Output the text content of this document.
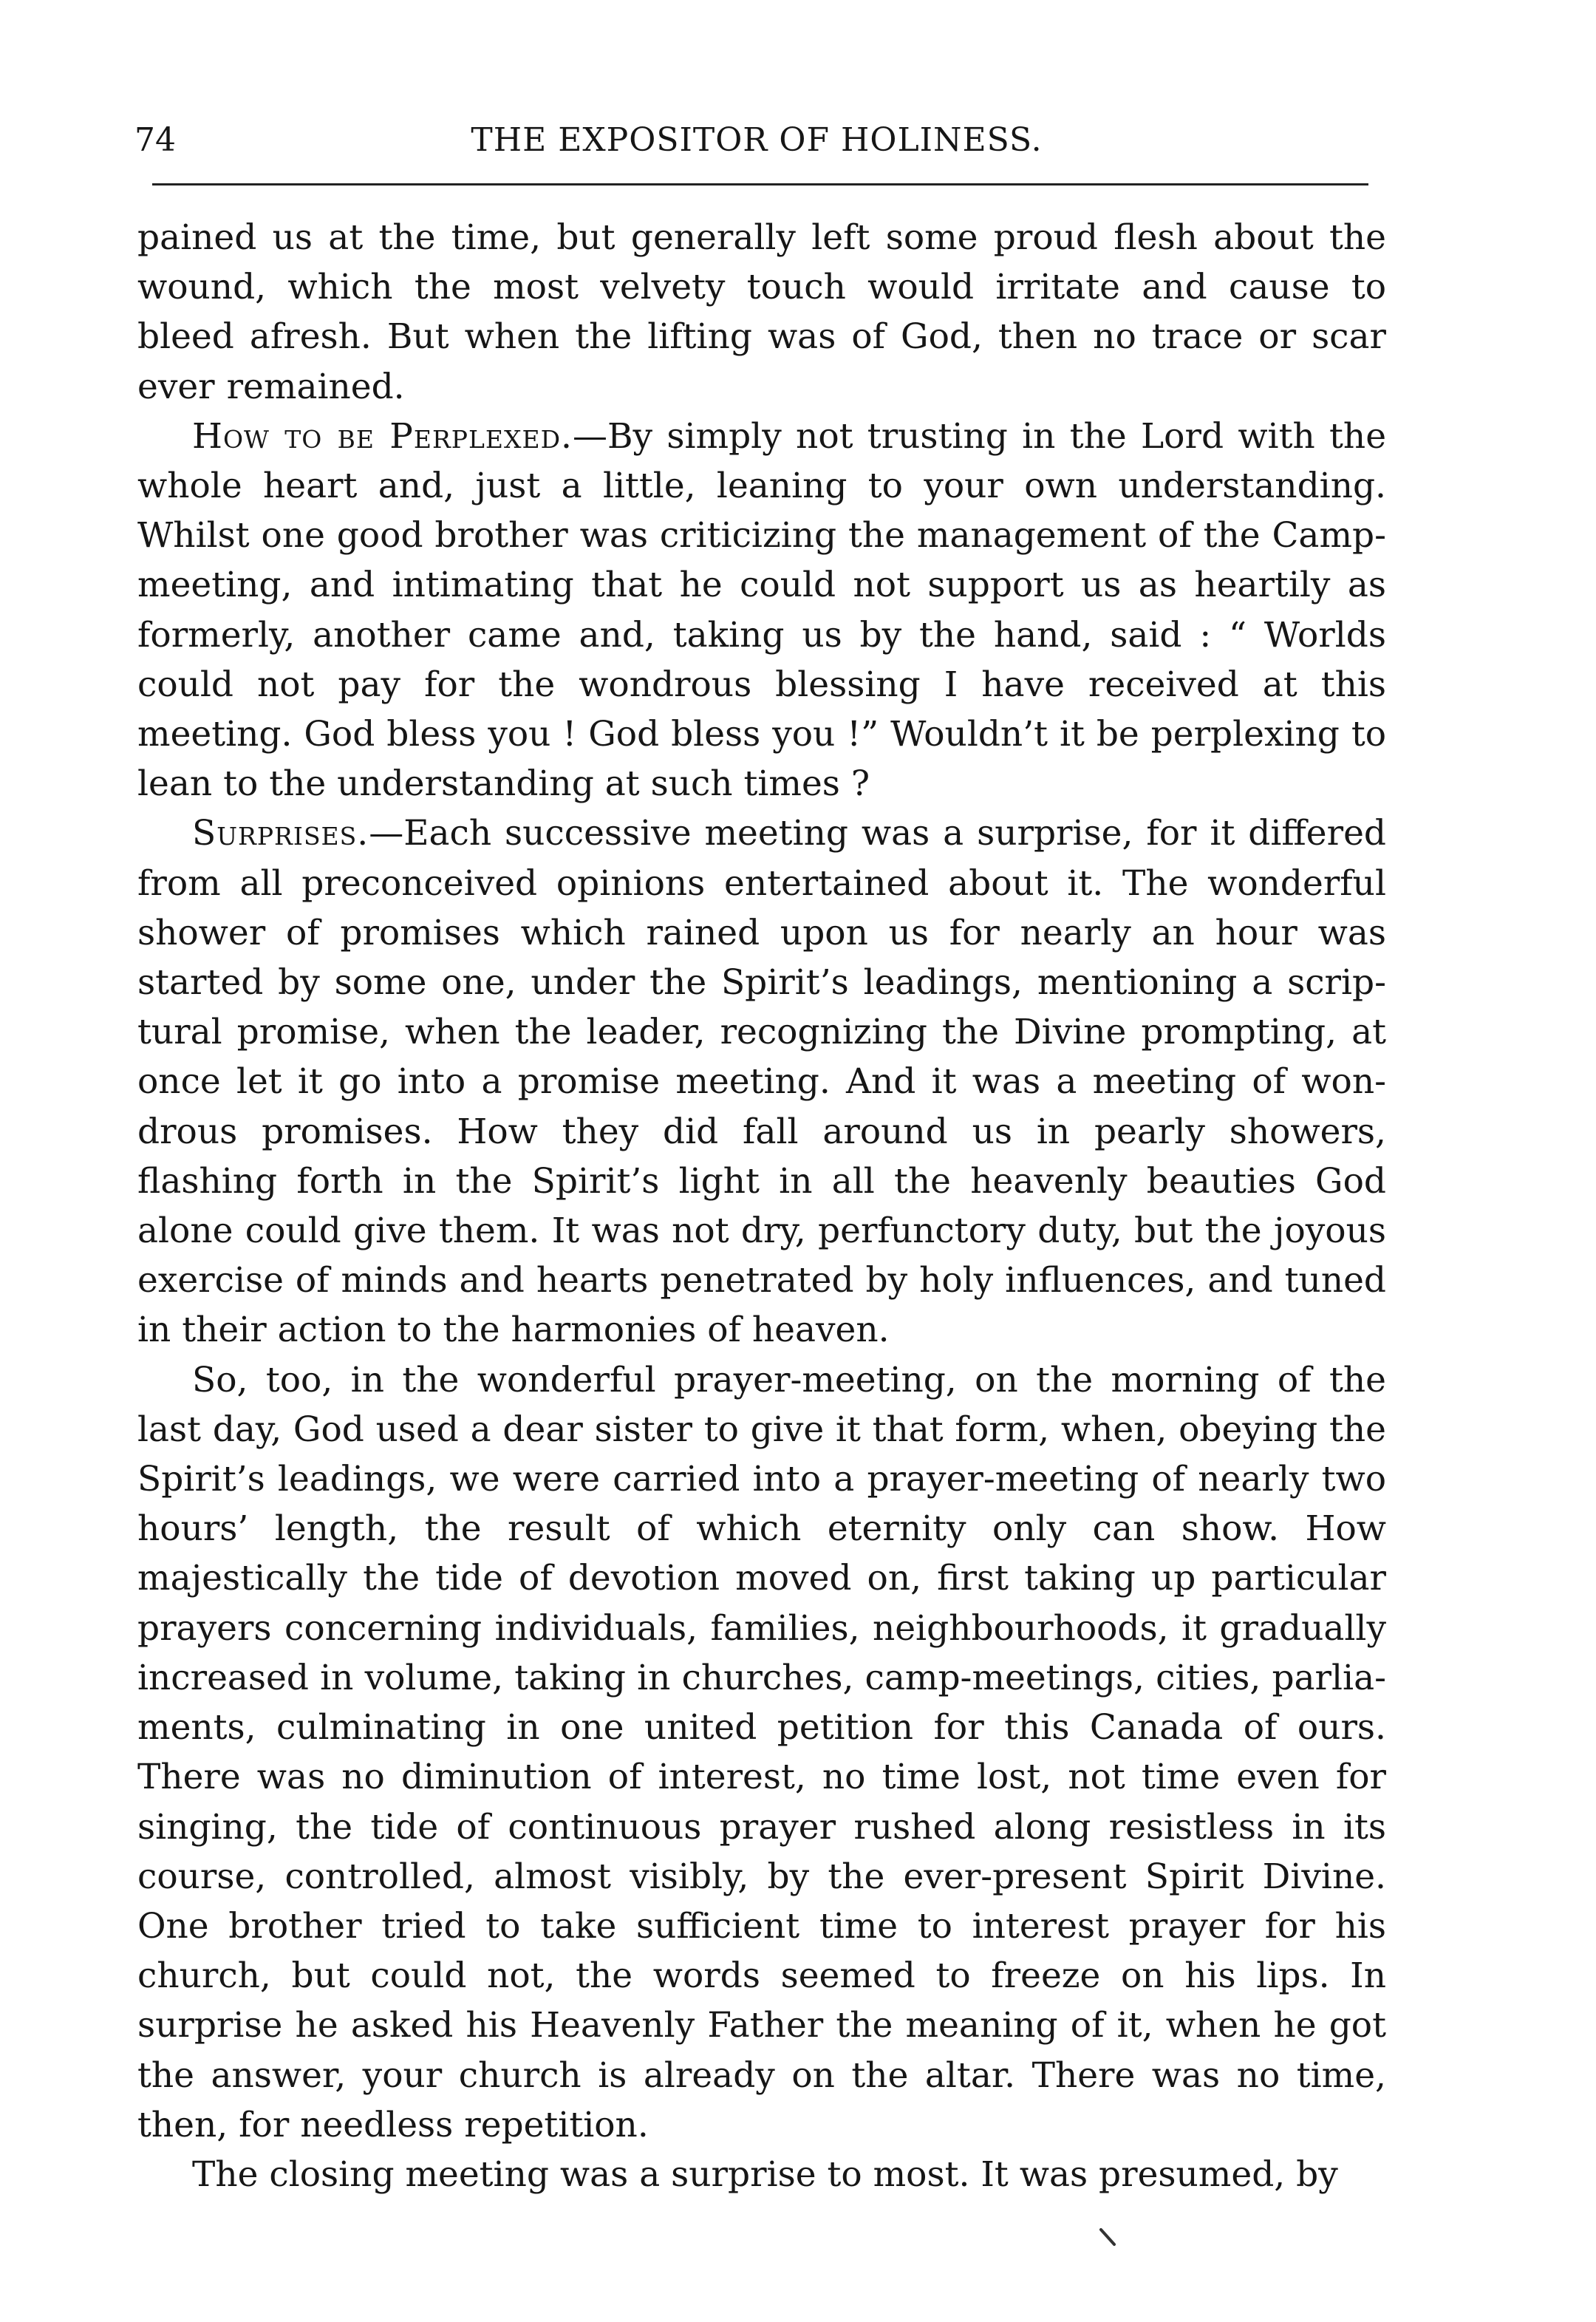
74	THE EXPOSITOR OF HOLINESS.

pained us at the time, but generally left some proud flesh about the wound, which the most velvety touch would irritate and cause to bleed afresh. But when the lifting was of God, then no trace or scar ever remained.

How to be Perplexed.—By simply not trusting in the Lord with the whole heart and, just a little, leaning to your own understanding. Whilst one good brother was criticizing the management of the Campmeeting, and intimating that he could not support us as heartily as formerly, another came and, taking us by the hand, said : “ Worlds could not pay for the wondrous blessing I have received at this meeting. God bless you ! God bless you !” Wouldn’t it be perplexing to lean to the understanding at such times ?

Surprises.—Each successive meeting was a surprise, for it differed from all preconceived opinions entertained about it. The wonderful shower of promises which rained upon us for nearly an hour was started by some one, under the Spirit’s leadings, mentioning a scriptural promise, when the leader, recognizing the Divine prompting, at once let it go into a promise meeting. And it was a meeting of wondrous promises. How they did fall around us in pearly showers, flashing forth in the Spirit’s light in all the heavenly beauties God alone could give them. It was not dry, perfunctory duty, but the joyous exercise of minds and hearts penetrated by holy influences, and tuned in their action to the harmonies of heaven.

So, too, in the wonderful prayer-meeting, on the morning of the last day, God used a dear sister to give it that form, when, obeying the Spirit’s leadings, we were carried into a prayer-meeting of nearly two hours’ length, the result of which eternity only can show. How majestically the tide of devotion moved on, first taking up particular prayers concerning individuals, families, neighbourhoods, it gradually increased in volume, taking in churches, camp-meetings, cities, parliaments, culminating in one united petition for this Canada of ours. There was no diminution of interest, no time lost, not time even for singing, the tide of continuous prayer rushed along resistless in its course, controlled, almost visibly, by the ever-present Spirit Divine. One brother tried to take sufficient time to interest prayer for his church, but could not, the words seemed to freeze on his lips. In surprise he asked his Heavenly Father the meaning of it, when he got the answer, your church is already on the altar. There was no time, then, for needless repetition.

The closing meeting was a surprise to most. It was presumed, by
